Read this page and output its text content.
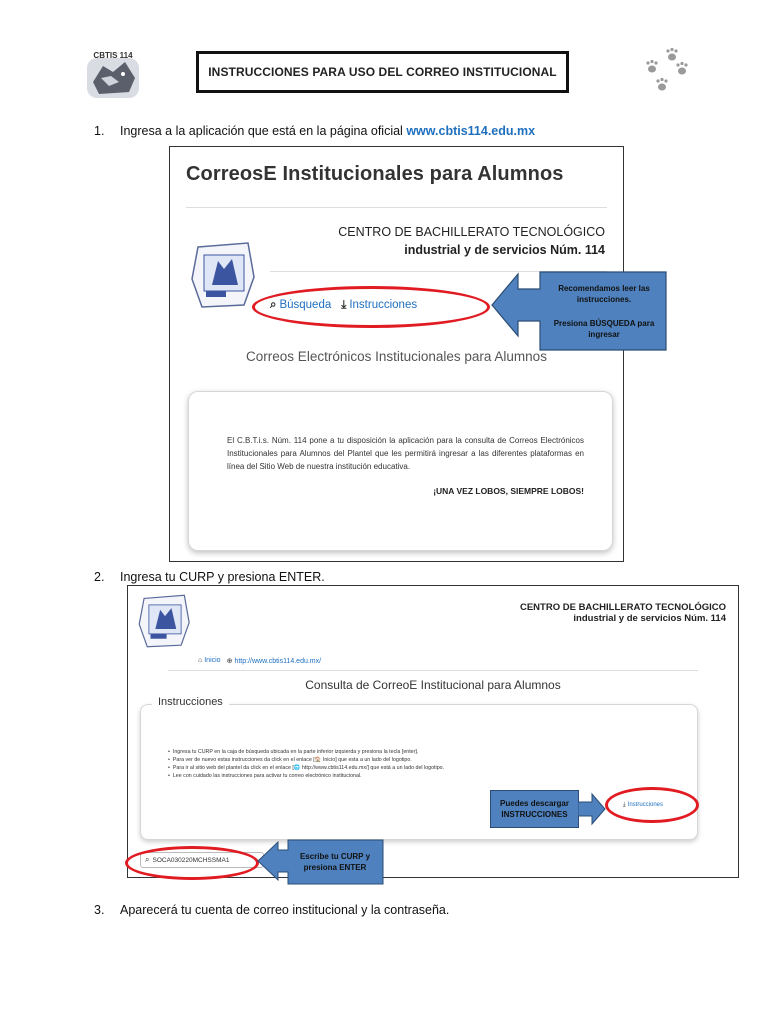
CBTIS 114
INSTRUCCIONES PARA USO DEL CORREO INSTITUCIONAL
1. Ingresa a la aplicación que está en la página oficial www.cbtis114.edu.mx
CorreosE Institucionales para Alumnos
CENTRO DE BACHILLERATO TECNOLÓGICO
industrial y de servicios Núm. 114
⌕ Búsqueda ⤓ Instrucciones
Correos Electrónicos Institucionales para Alumnos

El C.B.T.i.s. Núm. 114 pone a tu disposición la aplicación para la consulta de Correos Electrónicos Institucionales para Alumnos del Plantel que les permitirá ingresar a las diferentes plataformas en línea del Sitio Web de nuestra institución educativa.

¡UNA VEZ LOBOS, SIEMPRE LOBOS!
Recomendamos leer las instrucciones.
Presiona BÚSQUEDA para ingresar
2. Ingresa tu CURP y presiona ENTER.
CENTRO DE BACHILLERATO TECNOLÓGICO
industrial y de servicios Núm. 114
⌂ Inicio ⊕ http://www.cbtis114.edu.mx/
Consulta de CorreoE Institucional para Alumnos
Instrucciones
• Ingresa tu CURP en la caja de búsqueda ubicada en la parte inferior izquierda y presiona la tecla [enter].
• Para ver de nuevo estas instrucciones da click en el enlace [🏠 Inicio] que esta a un lado del logotipo.
• Para ir al sitio web del plantel da click en el enlace [🌐 http://www.cbtis114.edu.mx/] que está a un lado del logotipo.
• Lee con cuidado las instrucciones para activar tu correo electrónico institucional.
⤓ Instrucciones
⌕
SOCA030220MCHSSMA1
Puedes descargar INSTRUCCIONES
Escribe tu CURP y presiona ENTER
3. Aparecerá tu cuenta de correo institucional y la contraseña.
